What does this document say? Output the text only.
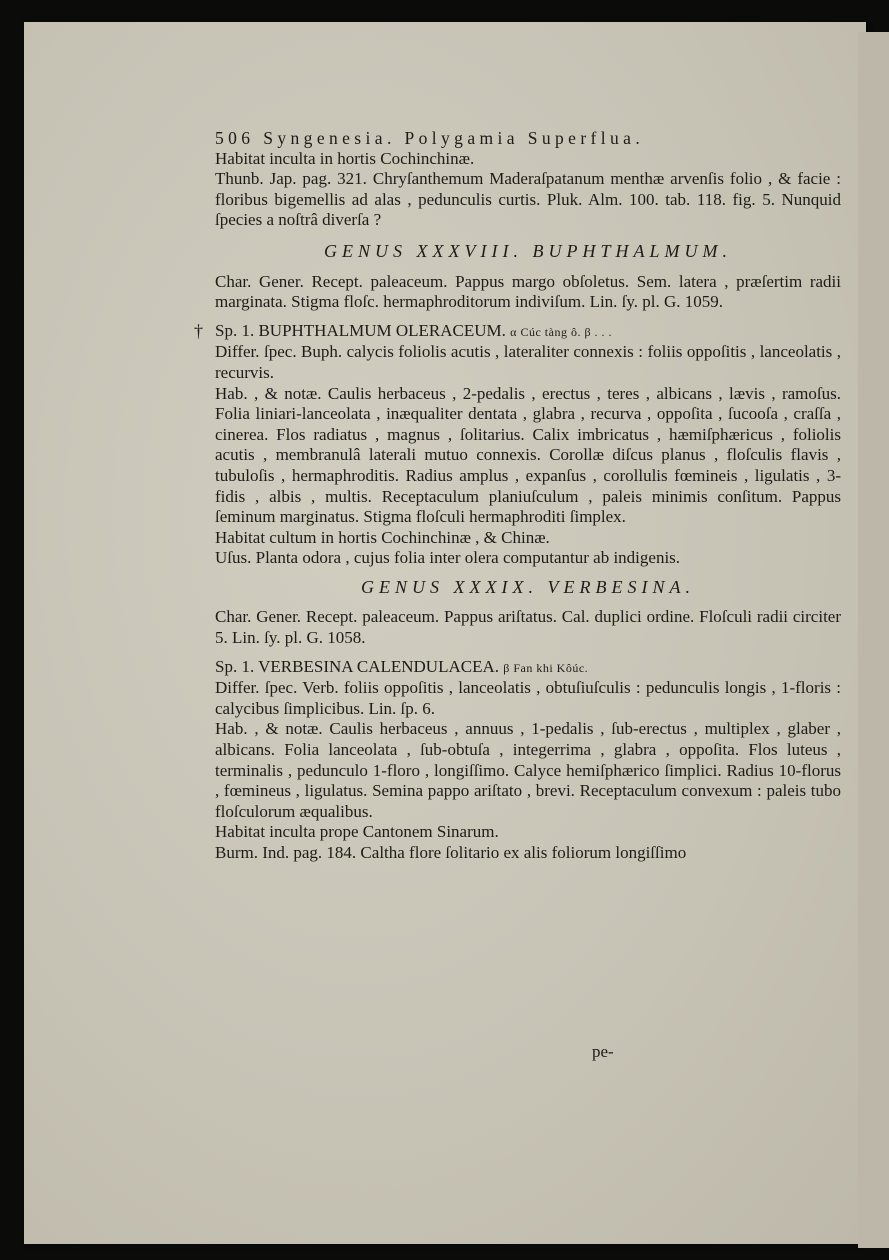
506 Syngenesia. Polygamia Superflua.

Habitat inculta in hortis Cochinchinæ.

Thunb. Jap. pag. 321. Chryſanthemum Maderaſpatanum menthæ arvenſis folio , & facie : floribus bigemellis ad alas , pedunculis curtis. Pluk. Alm. 100. tab. 118. fig. 5. Nunquid ſpecies a noſtrâ diverſa ?

GENUS XXXVIII. BUPHTHALMUM.

Char. Gener. Recept. paleaceum. Pappus margo obſoletus. Sem. latera , præſertim radii marginata. Stigma floſc. hermaphroditorum indiviſum. Lin. ſy. pl. G. 1059.

† Sp. 1. BUPHTHALMUM OLERACEUM. α Cúc tàng ô. β . . .

Differ. ſpec. Buph. calycis foliolis acutis , lateraliter connexis : foliis oppoſitis , lanceolatis , recurvis.

Hab. , & notæ. Caulis herbaceus , 2-pedalis , erectus , teres , albicans , lævis , ramoſus. Folia liniari-lanceolata , inæqualiter dentata , glabra , recurva , oppoſita , ſucooſa , craſſa , cinerea. Flos radiatus , magnus , ſolitarius. Calix imbricatus , hæmiſphæricus , foliolis acutis , membranulâ laterali mutuo connexis. Corollæ diſcus planus , floſculis flavis , tubuloſis , hermaphroditis. Radius amplus , expanſus , corollulis fœmineis , ligulatis , 3-fidis , albis , multis. Receptaculum planiuſculum , paleis minimis conſitum. Pappus ſeminum marginatus. Stigma floſculi hermaphroditi ſimplex.

Habitat cultum in hortis Cochinchinæ , & Chinæ.

Uſus. Planta odora , cujus folia inter olera computantur ab indigenis.

GENUS XXXIX. VERBESINA.

Char. Gener. Recept. paleaceum. Pappus ariſtatus. Cal. duplici ordine. Floſculi radii circiter 5. Lin. ſy. pl. G. 1058.

Sp. 1. VERBESINA CALENDULACEA. β Fan khi Kôúc.

Differ. ſpec. Verb. foliis oppoſitis , lanceolatis , obtuſiuſculis : pedunculis longis , 1-floris : calycibus ſimplicibus. Lin. ſp. 6.

Hab. , & notæ. Caulis herbaceus , annuus , 1-pedalis , ſub-erectus , multiplex , glaber , albicans. Folia lanceolata , ſub-obtuſa , integerrima , glabra , oppoſita. Flos luteus , terminalis , pedunculo 1-floro , longiſſimo. Calyce hemiſphærico ſimplici. Radius 10-florus , fœmineus , ligulatus. Semina pappo ariſtato , brevi. Receptaculum convexum : paleis tubo floſculorum æqualibus.

Habitat inculta prope Cantonem Sinarum.

Burm. Ind. pag. 184. Caltha flore ſolitario ex alis foliorum longiſſimo

pe-
